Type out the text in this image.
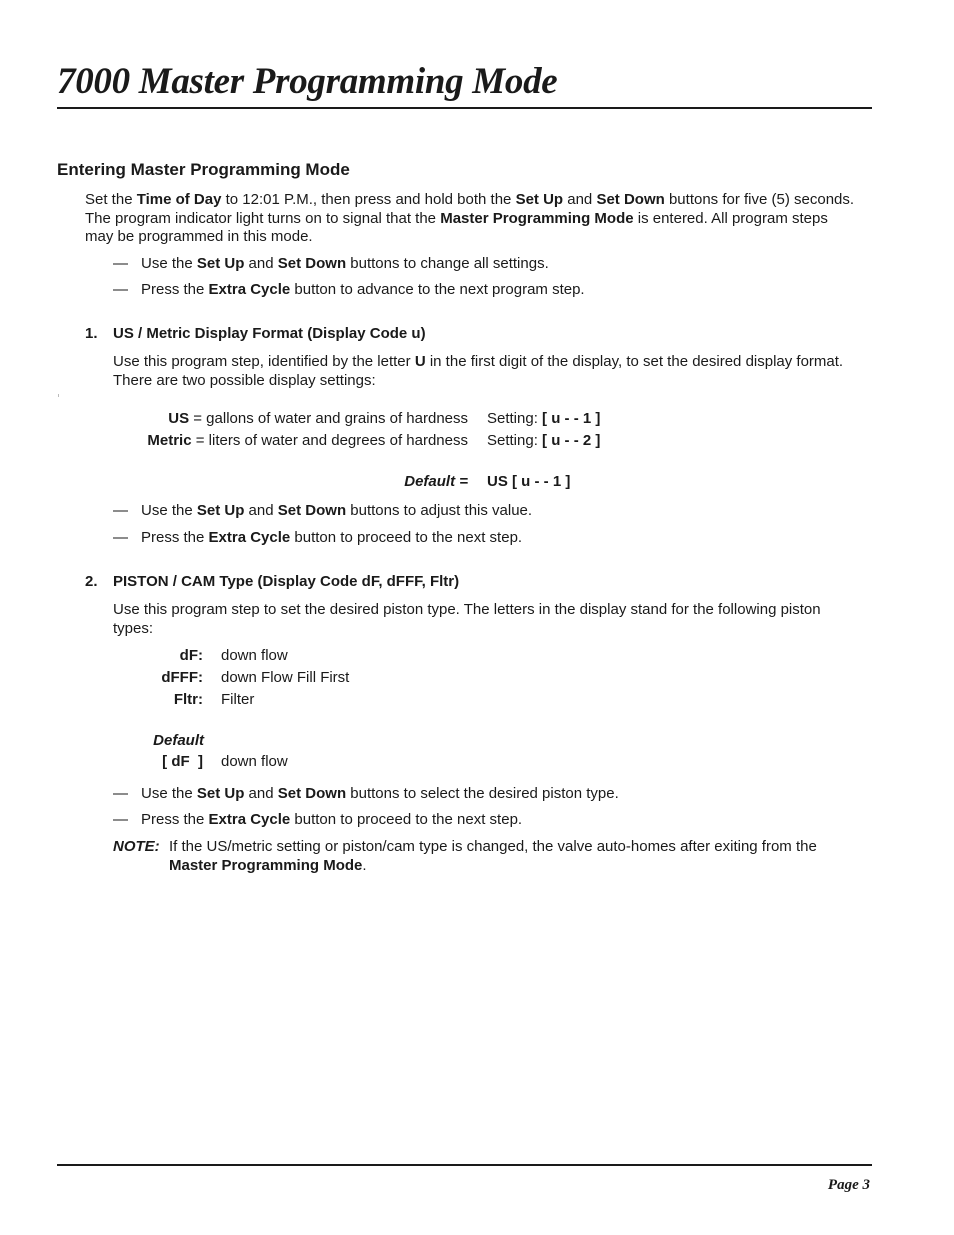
7000 Master Programming Mode
Entering Master Programming Mode
Set the Time of Day to 12:01 P.M., then press and hold both the Set Up and Set Down buttons for five (5) seconds. The program indicator light turns on to signal that the Master Programming Mode is entered. All program steps may be programmed in this mode.
— Use the Set Up and Set Down buttons to change all settings.
— Press the Extra Cycle button to advance to the next program step.
1. US / Metric Display Format (Display Code u)
Use this program step, identified by the letter U in the first digit of the display, to set the desired display format. There are two possible display settings:
US = gallons of water and grains of hardness Setting: [ u - - 1 ]
Metric = liters of water and degrees of hardness Setting: [ u - - 2 ]
Default = US [ u - - 1 ]
— Use the Set Up and Set Down buttons to adjust this value.
— Press the Extra Cycle button to proceed to the next step.
2. PISTON / CAM Type (Display Code dF, dFFF, Fltr)
Use this program step to set the desired piston type. The letters in the display stand for the following piston types:
dF: down flow
dFFF: down Flow Fill First
Fltr: Filter
Default
[ dF  ] down flow
— Use the Set Up and Set Down buttons to select the desired piston type.
— Press the Extra Cycle button to proceed to the next step.
NOTE: If the US/metric setting or piston/cam type is changed, the valve auto-homes after exiting from the Master Programming Mode.
Page 3
